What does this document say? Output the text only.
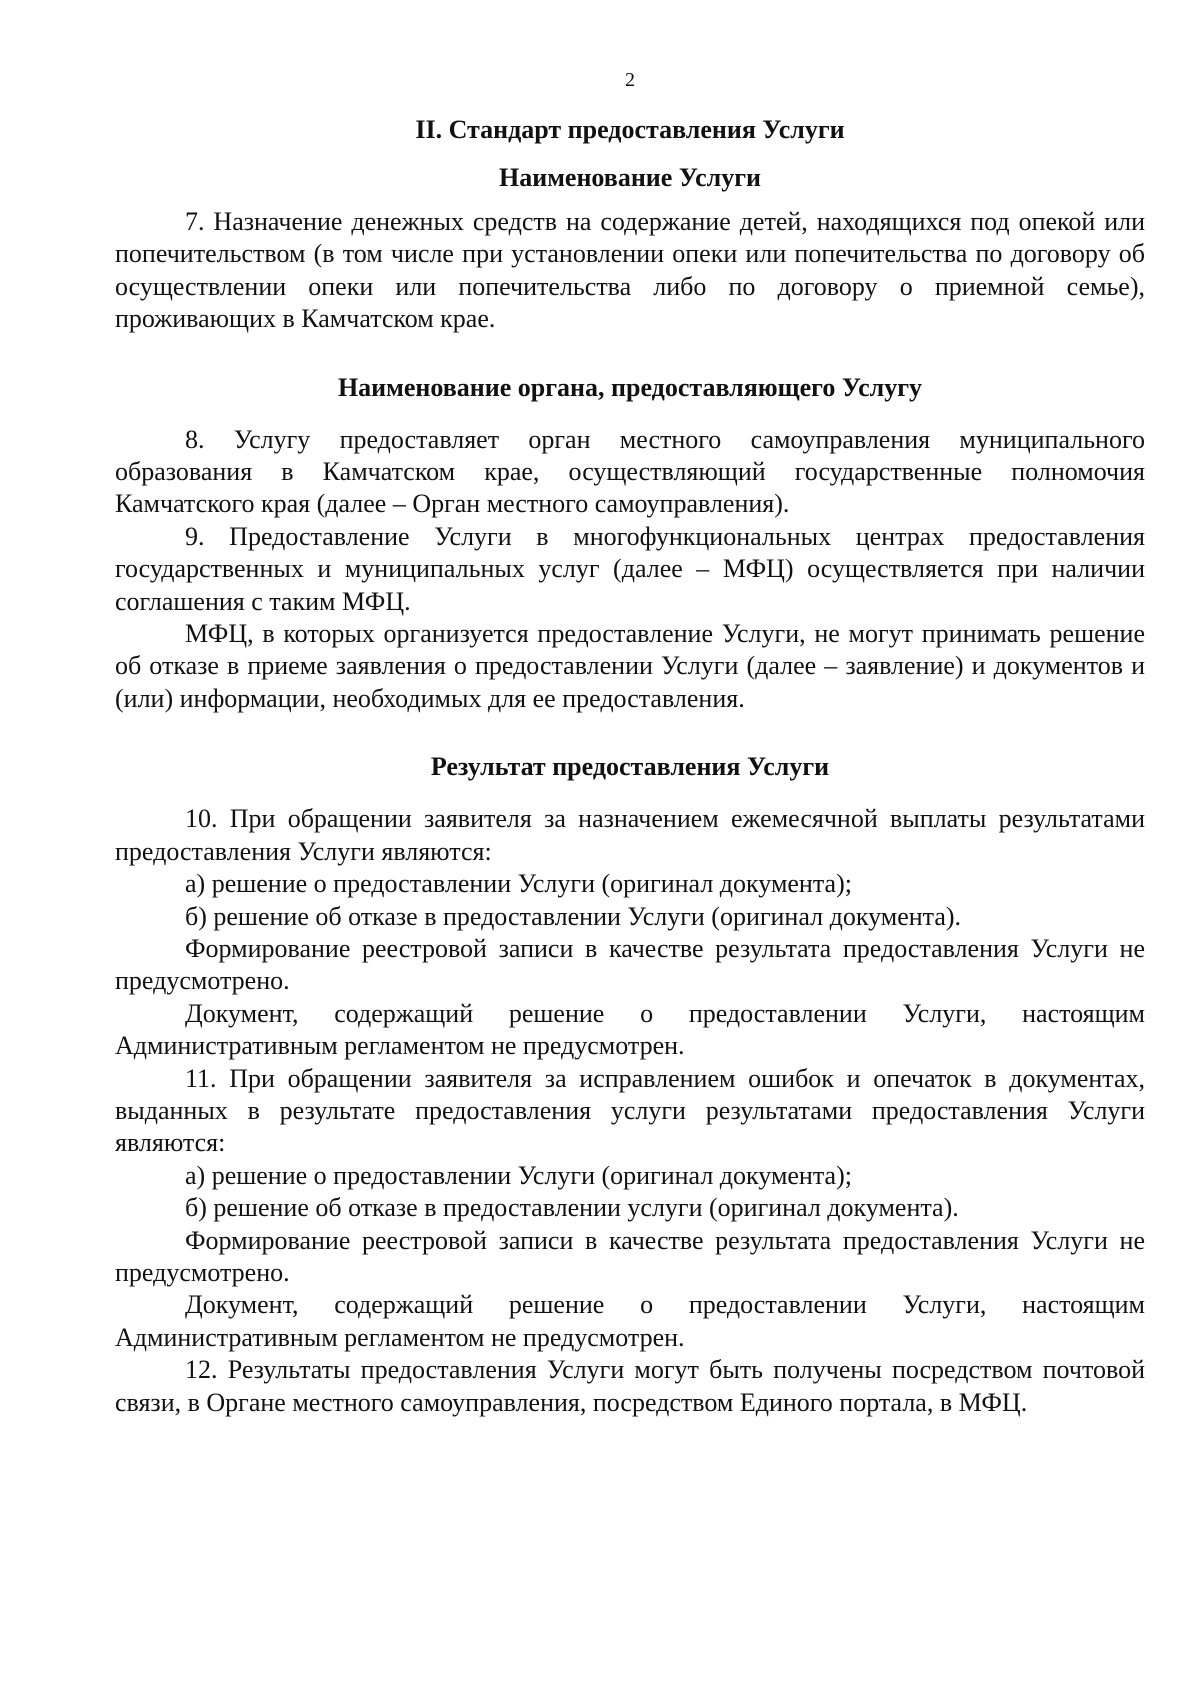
2
II. Стандарт предоставления Услуги
Наименование Услуги

7. Назначение денежных средств на содержание детей, находящихся под опекой или попечительством (в том числе при установлении опеки или попечительства по договору об осуществлении опеки или попечительства либо по договору о приемной семье), проживающих в Камчатском крае.

Наименование органа, предоставляющего Услугу

8. Услугу предоставляет орган местного самоуправления муниципального образования в Камчатском крае, осуществляющий государственные полномочия Камчатского края (далее – Орган местного самоуправления).

9. Предоставление Услуги в многофункциональных центрах предоставления государственных и муниципальных услуг (далее – МФЦ) осуществляется при наличии соглашения с таким МФЦ.

МФЦ, в которых организуется предоставление Услуги, не могут принимать решение об отказе в приеме заявления о предоставлении Услуги (далее – заявление) и документов и (или) информации, необходимых для ее предоставления.

Результат предоставления Услуги

10. При обращении заявителя за назначением ежемесячной выплаты результатами предоставления Услуги являются:

а) решение о предоставлении Услуги (оригинал документа);

б) решение об отказе в предоставлении Услуги (оригинал документа).

Формирование реестровой записи в качестве результата предоставления Услуги не предусмотрено.

Документ, содержащий решение о предоставлении Услуги, настоящим Административным регламентом не предусмотрен.

11. При обращении заявителя за исправлением ошибок и опечаток в документах, выданных в результате предоставления услуги результатами предоставления Услуги являются:

а) решение о предоставлении Услуги (оригинал документа);

б) решение об отказе в предоставлении услуги (оригинал документа).

Формирование реестровой записи в качестве результата предоставления Услуги не предусмотрено.

Документ, содержащий решение о предоставлении Услуги, настоящим Административным регламентом не предусмотрен.

12. Результаты предоставления Услуги могут быть получены посредством почтовой связи, в Органе местного самоуправления, посредством Единого портала, в МФЦ.
